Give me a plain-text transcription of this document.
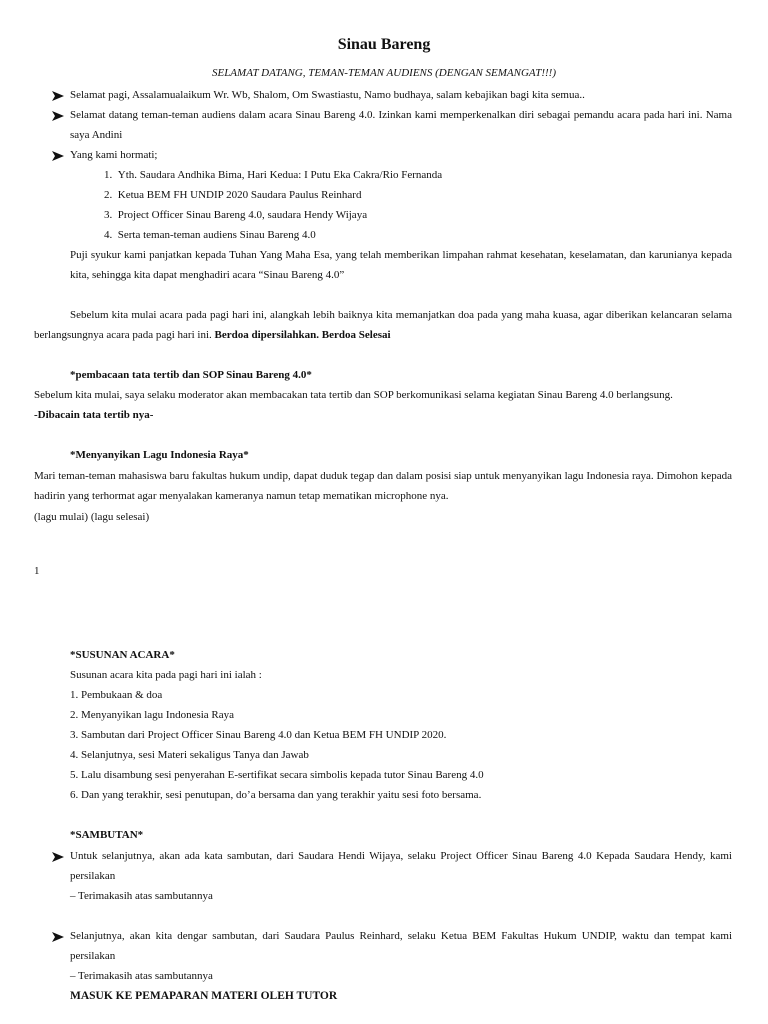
Sinau Bareng
SELAMAT DATANG, TEMAN-TEMAN AUDIENS (DENGAN SEMANGAT!!!)
Selamat pagi, Assalamualaikum Wr. Wb, Shalom, Om Swastiastu, Namo budhaya, salam kebajikan bagi kita semua..
Selamat datang teman-teman audiens dalam acara Sinau Bareng 4.0. Izinkan kami memperkenalkan diri sebagai pemandu acara pada hari ini. Nama saya Andini
Yang kami hormati;
1.  Yth. Saudara Andhika Bima, Hari Kedua: I Putu Eka Cakra/Rio Fernanda
2.  Ketua BEM FH UNDIP 2020 Saudara Paulus Reinhard
3.  Project Officer Sinau Bareng 4.0, saudara Hendy Wijaya
4.  Serta teman-teman audiens Sinau Bareng 4.0
Puji syukur kami panjatkan kepada Tuhan Yang Maha Esa, yang telah memberikan limpahan rahmat kesehatan, keselamatan, dan karunianya kepada kita, sehingga kita dapat menghadiri acara “Sinau Bareng 4.0”
Sebelum kita mulai acara pada pagi hari ini, alangkah lebih baiknya kita memanjatkan doa pada yang maha kuasa, agar diberikan kelancaran selama berlangsungnya acara pada pagi hari ini. Berdoa dipersilahkan. Berdoa Selesai
*pembacaan tata tertib dan SOP Sinau Bareng 4.0*
Sebelum kita mulai, saya selaku moderator akan membacakan tata tertib dan SOP berkomunikasi selama kegiatan Sinau Bareng 4.0 berlangsung.
-Dibacain tata tertib nya-
*Menyanyikan Lagu Indonesia Raya*
Mari teman-teman mahasiswa baru fakultas hukum undip, dapat duduk tegap dan dalam posisi siap untuk menyanyikan lagu Indonesia raya. Dimohon kepada hadirin yang terhormat agar menyalakan kameranya namun tetap mematikan microphone nya.
(lagu mulai) (lagu selesai)
1
*SUSUNAN ACARA*
Susunan acara kita pada pagi hari ini ialah :
1. Pembukaan & doa
2. Menyanyikan lagu Indonesia Raya
3. Sambutan dari Project Officer Sinau Bareng 4.0 dan Ketua BEM FH UNDIP 2020.
4. Selanjutnya, sesi Materi sekaligus Tanya dan Jawab
5. Lalu disambung sesi penyerahan E-sertifikat secara simbolis kepada tutor Sinau Bareng 4.0
6. Dan yang terakhir, sesi penutupan, do’a bersama dan yang terakhir yaitu sesi foto bersama.
*SAMBUTAN*
Untuk selanjutnya, akan ada kata sambutan, dari Saudara Hendi Wijaya, selaku Project Officer Sinau Bareng 4.0 Kepada Saudara Hendy, kami persilakan
– Terimakasih atas sambutannya
Selanjutnya, akan kita dengar sambutan, dari Saudara Paulus Reinhard, selaku Ketua BEM Fakultas Hukum UNDIP, waktu dan tempat kami persilakan
– Terimakasih atas sambutannya
MASUK KE PEMAPARAN MATERI OLEH TUTOR
